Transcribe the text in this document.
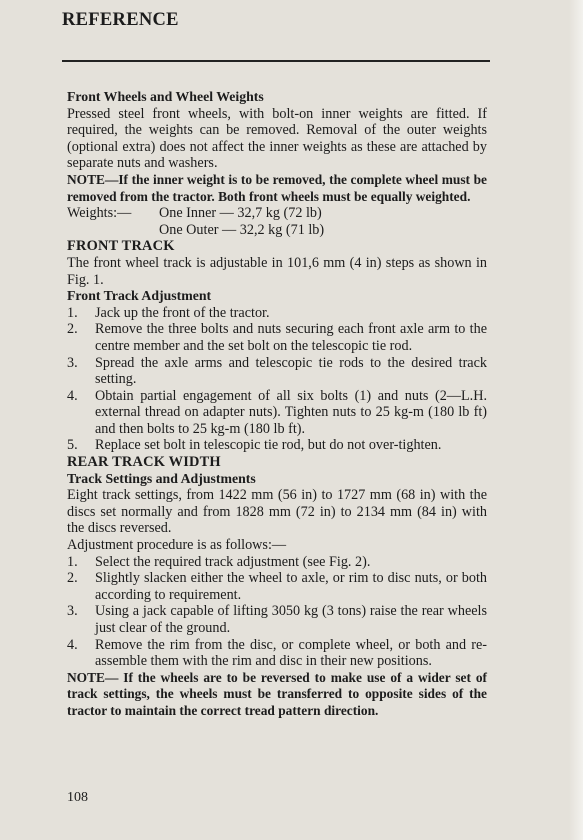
REFERENCE

Front Wheels and Wheel Weights

Pressed steel front wheels, with bolt-on inner weights are fitted. If required, the weights can be removed. Removal of the outer weights (optional extra) does not affect the inner weights as these are attached by separate nuts and washers.

NOTE—If the inner weight is to be removed, the complete wheel must be removed from the tractor. Both front wheels must be equally weighted.

Weights:—	One Inner — 32,7 kg (72 lb)
One Outer — 32,2 kg (71 lb)

FRONT TRACK

The front wheel track is adjustable in 101,6 mm (4 in) steps as shown in Fig. 1.

Front Track Adjustment

1.	Jack up the front of the tractor.
2.	Remove the three bolts and nuts securing each front axle arm to the centre member and the set bolt on the telescopic tie rod.
3.	Spread the axle arms and telescopic tie rods to the desired track setting.
4.	Obtain partial engagement of all six bolts (1) and nuts (2—L.H. external thread on adapter nuts). Tighten nuts to 25 kg-m (180 lb ft) and then bolts to 25 kg-m (180 lb ft).
5.	Replace set bolt in telescopic tie rod, but do not over-tighten.

REAR TRACK WIDTH

Track Settings and Adjustments

Eight track settings, from 1422 mm (56 in) to 1727 mm (68 in) with the discs set normally and from 1828 mm (72 in) to 2134 mm (84 in) with the discs reversed.

Adjustment procedure is as follows:—

1.	Select the required track adjustment (see Fig. 2).
2.	Slightly slacken either the wheel to axle, or rim to disc nuts, or both according to requirement.
3.	Using a jack capable of lifting 3050 kg (3 tons) raise the rear wheels just clear of the ground.
4.	Remove the rim from the disc, or complete wheel, or both and re-assemble them with the rim and disc in their new positions.

NOTE— If the wheels are to be reversed to make use of a wider set of track settings, the wheels must be transferred to opposite sides of the tractor to maintain the correct tread pattern direction.

108
